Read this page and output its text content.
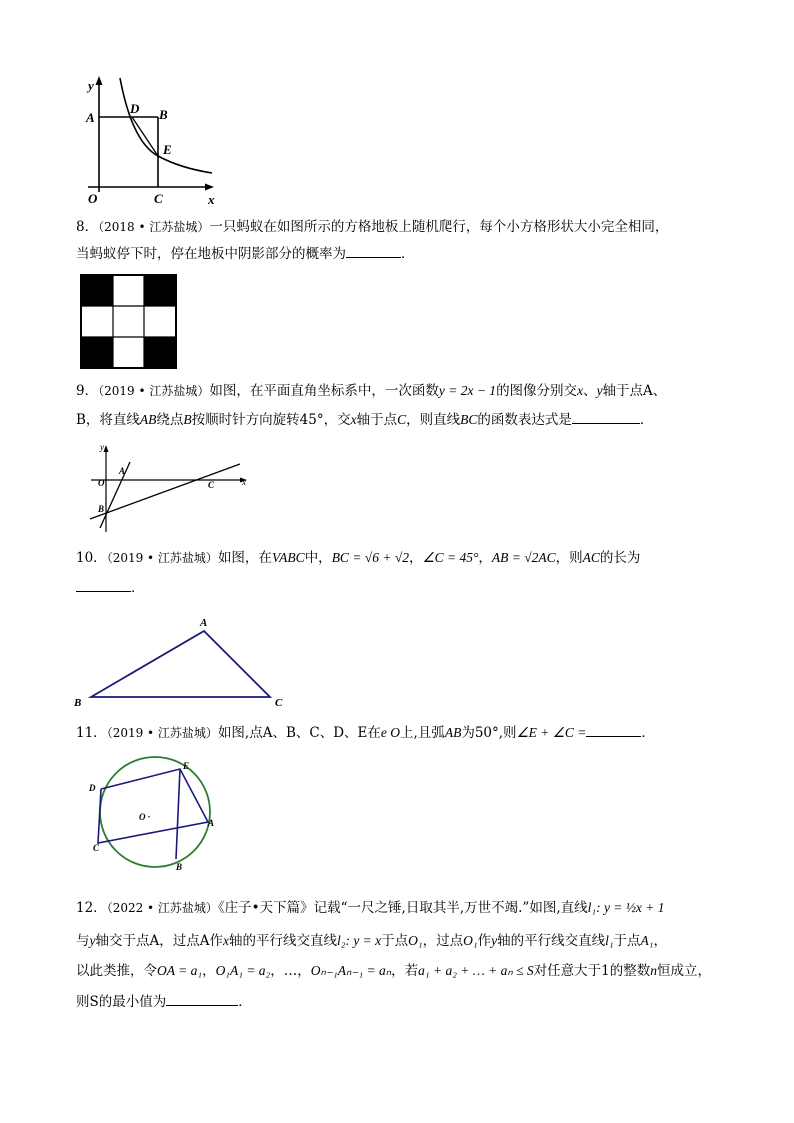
y
x
A
D B
E
O	C
8．（2018 • 江苏盐城）一只蚂蚁在如图所示的方格地板上随机爬行，每个小方格形状大小完全相同，
当蚂蚁停下时，停在地板中阴影部分的概率为	．
9．（2019 • 江苏盐城）如图，在平面直角坐标系中，一次函数y = 2x − 1的图像分别交x、y轴于点A、
B，将直线AB绕点B按顺时针方向旋转45°，交x轴于点C，则直线BC的函数表达式是	．
y
x
O
A
B
C
10．（2019 • 江苏盐城）如图，在VABC中，BC = √6 + √2，∠C = 45°，AB = √2AC，则AC的长为
．
A
B	C
11．（2019 • 江苏盐城）如图,点A、B、C、D、E在e O上,且弧AB为50°,则∠E + ∠C =	．
D
E
O ·
A
C
B
12．（2022 • 江苏盐城）《庄子•天下篇》记载“一尺之锤,日取其半,万世不竭.”如图,直线l₁: y = ½x + 1
与y轴交于点A，过点A作x轴的平行线交直线l₂: y = x于点O₁，过点O₁作y轴的平行线交直线l₁于点A₁，
以此类推，令OA = a₁，O₁A₁ = a₂，…，Oₙ₋₁Aₙ₋₁ = aₙ，若a₁ + a₂ + … + aₙ ≤ S对任意大于1的整数n恒成立，
则S的最小值为	．
